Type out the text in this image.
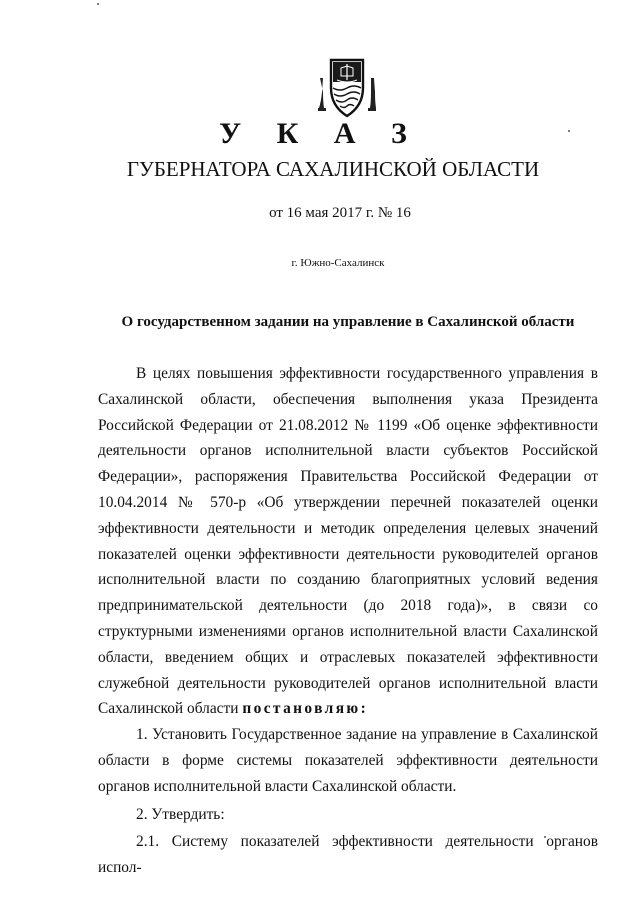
У К А З
ГУБЕРНАТОРА САХАЛИНСКОЙ ОБЛАСТИ
от 16 мая 2017 г. № 16
г. Южно-Сахалинск
О государственном задании на управление в Сахалинской области

В целях повышения эффективности государственного управления в Сахалинской области, обеспечения выполнения указа Президента Российской Федерации от 21.08.2012 № 1199 «Об оценке эффективности деятельности органов исполнительной власти субъектов Российской Федерации», распоряжения Правительства Российской Федерации от 10.04.2014 № 570-р «Об утверждении перечней показателей оценки эффективности деятельности и методик определения целевых значений показателей оценки эффективности деятельности руководителей органов исполнительной власти по созданию благоприятных условий ведения предпринимательской деятельности (до 2018 года)», в связи со структурными изменениями органов исполнительной власти Сахалинской области, введением общих и отраслевых показателей эффективности служебной деятельности руководителей органов исполнительной власти Сахалинской области постановляю:

1. Установить Государственное задание на управление в Сахалинской области в форме системы показателей эффективности деятельности органов исполнительной власти Сахалинской области.

2. Утвердить:

2.1. Систему показателей эффективности деятельности органов испол-
